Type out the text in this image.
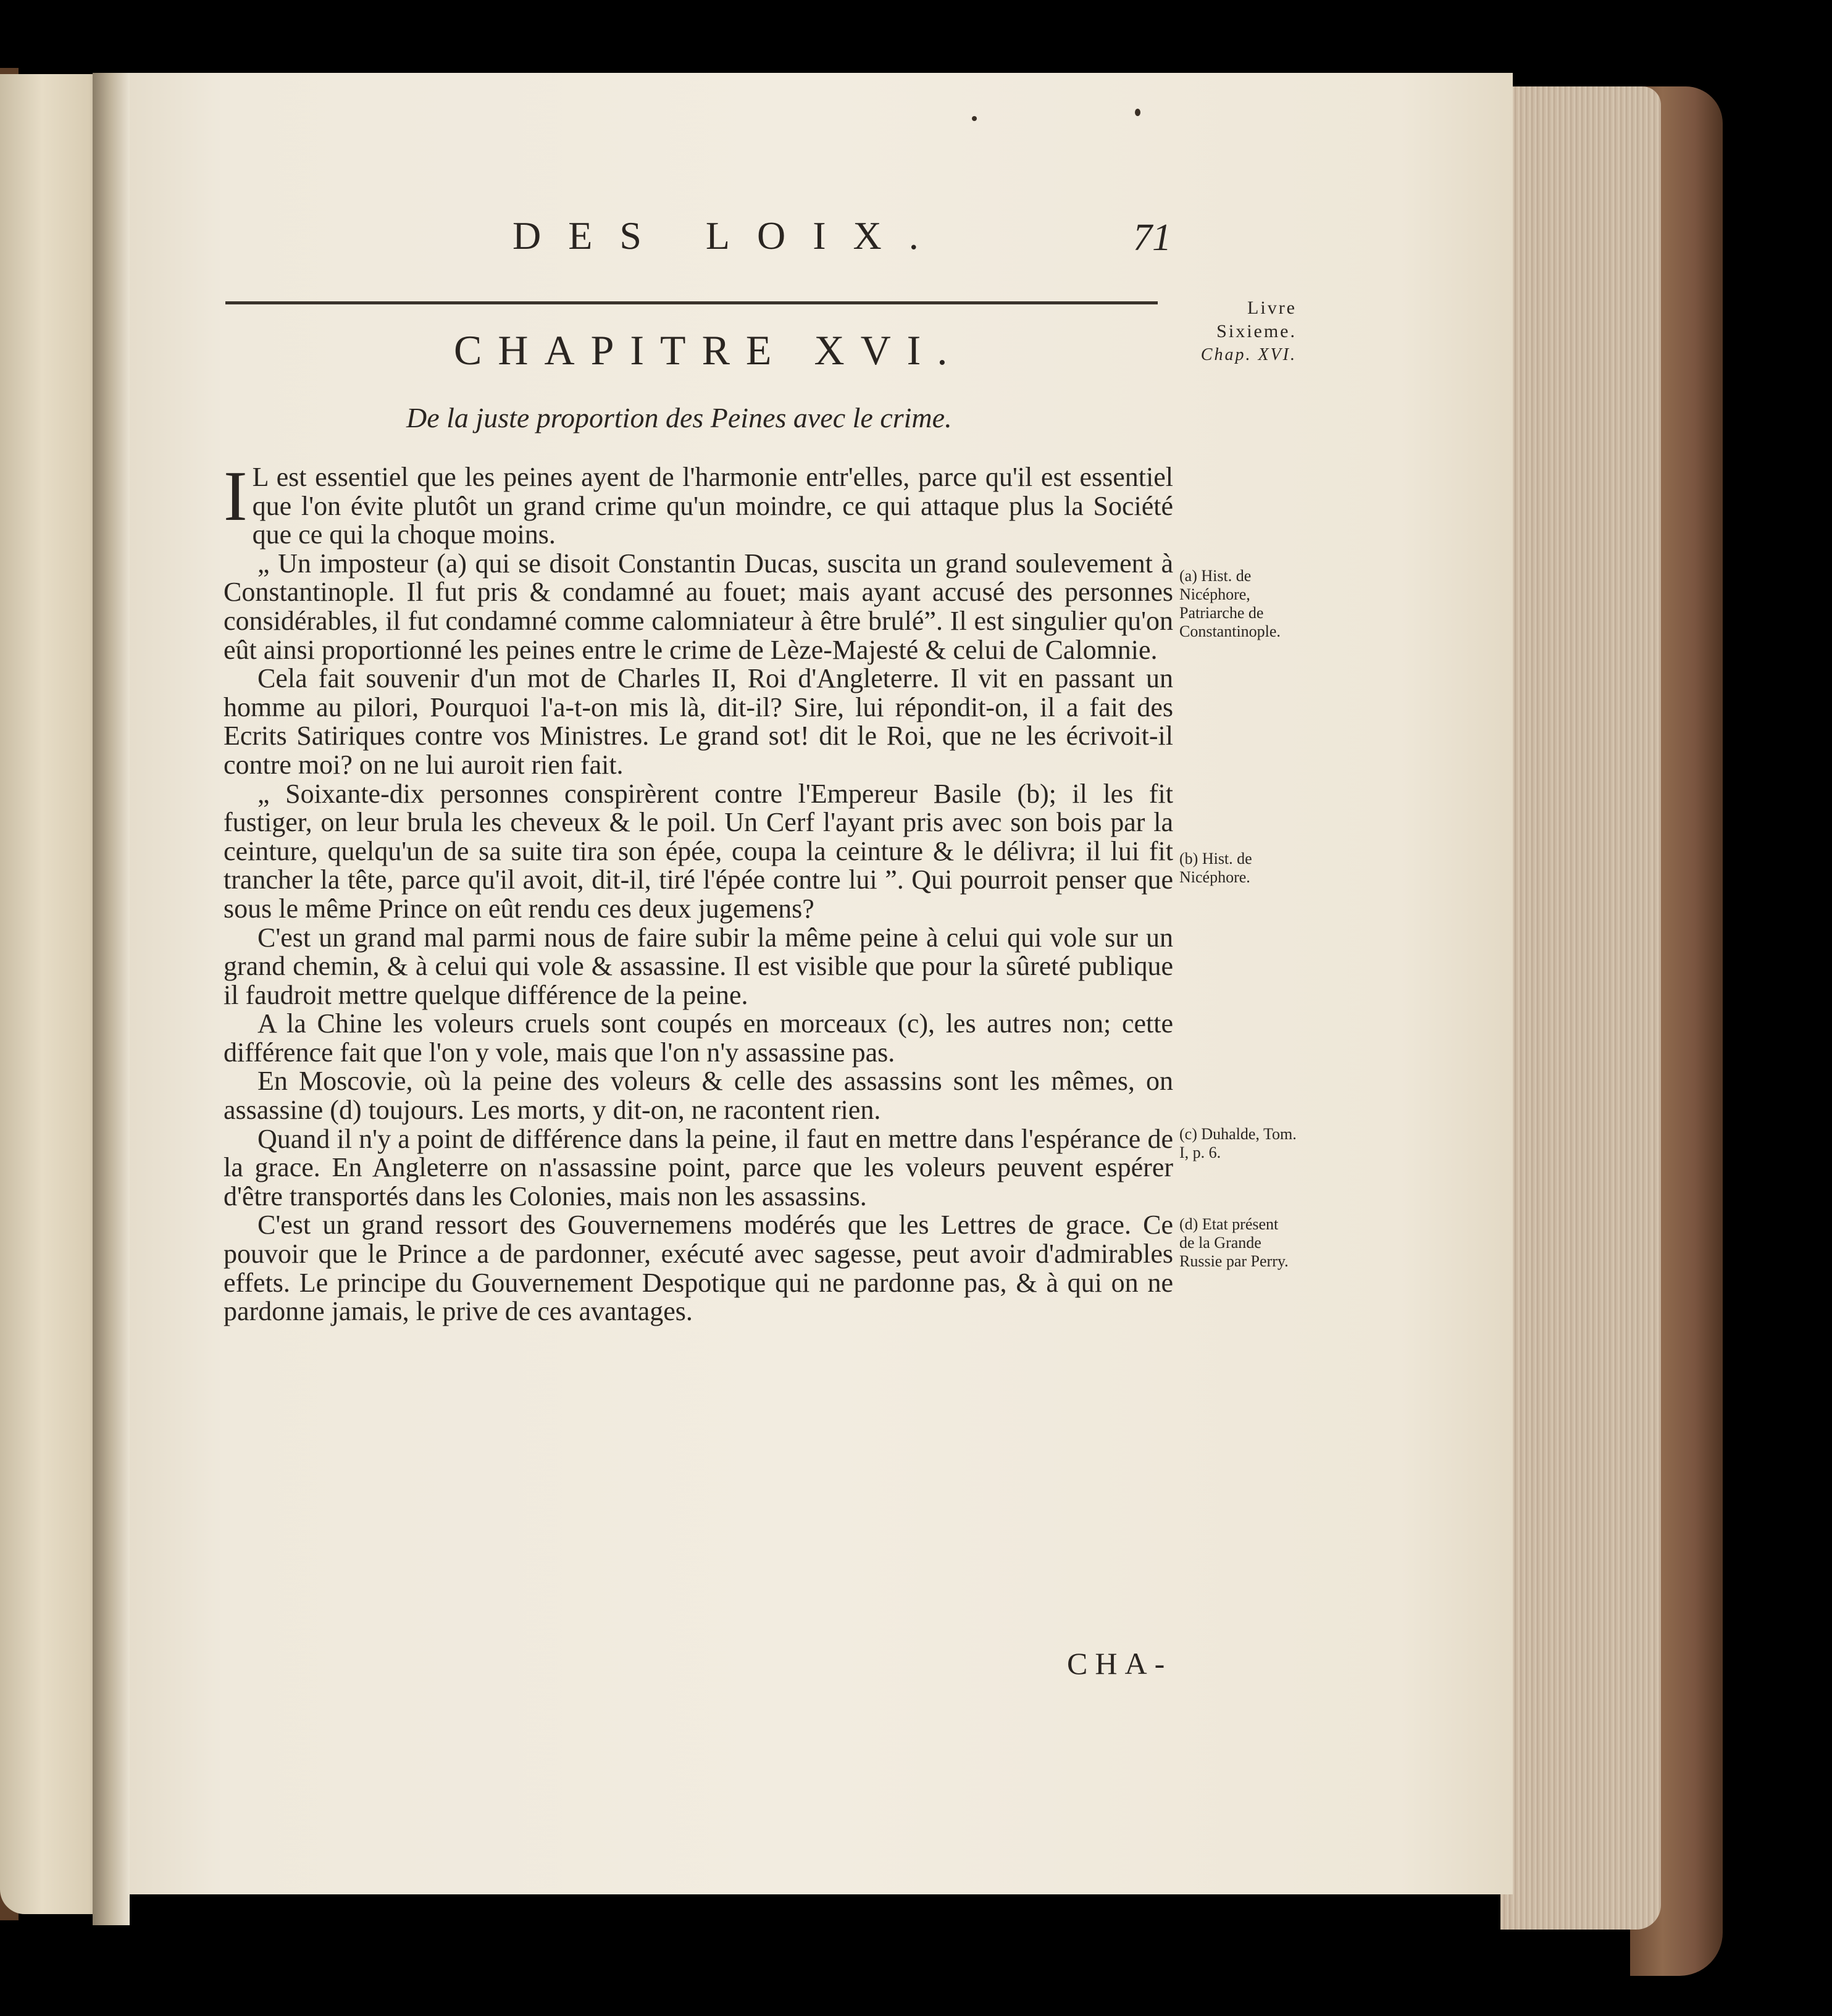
DES LOIX.	71
Livre
Sixieme.
Chap. XVI.
CHAPITRE XVI.
De la juste proportion des Peines avec le crime.

I L est essentiel que les peines ayent de l'harmonie entr'elles, parce qu'il est essentiel que l'on évite plutôt un grand crime qu'un moindre, ce qui attaque plus la Société que ce qui la choque moins.

„ Un imposteur (a) qui se disoit Constantin Ducas, suscita un grand soulevement à Constantinople. Il fut pris & condamné au fouet; mais ayant accusé des personnes considérables, il fut condamné comme calomniateur à être brulé”. Il est singulier qu'on eût ainsi proportionné les peines entre le crime de Lèze-Majesté & celui de Calomnie.

Cela fait souvenir d'un mot de Charles II, Roi d'Angleterre. Il vit en passant un homme au pilori, Pourquoi l'a-t-on mis là, dit-il? Sire, lui répondit-on, il a fait des Ecrits Satiriques contre vos Ministres. Le grand sot! dit le Roi, que ne les écrivoit-il contre moi? on ne lui auroit rien fait.

„ Soixante-dix personnes conspirèrent contre l'Empereur Basile (b); il les fit fustiger, on leur brula les cheveux & le poil. Un Cerf l'ayant pris avec son bois par la ceinture, quelqu'un de sa suite tira son épée, coupa la ceinture & le délivra; il lui fit trancher la tête, parce qu'il avoit, dit-il, tiré l'épée contre lui ”. Qui pourroit penser que sous le même Prince on eût rendu ces deux jugemens?

C'est un grand mal parmi nous de faire subir la même peine à celui qui vole sur un grand chemin, & à celui qui vole & assassine. Il est visible que pour la sûreté publique il faudroit mettre quelque différence de la peine.

A la Chine les voleurs cruels sont coupés en morceaux (c), les autres non; cette différence fait que l'on y vole, mais que l'on n'y assassine pas.

En Moscovie, où la peine des voleurs & celle des assassins sont les mêmes, on assassine (d) toujours. Les morts, y dit-on, ne racontent rien.

Quand il n'y a point de différence dans la peine, il faut en mettre dans l'espérance de la grace. En Angleterre on n'assassine point, parce que les voleurs peuvent espérer d'être transportés dans les Colonies, mais non les assassins.

C'est un grand ressort des Gouvernemens modérés que les Lettres de grace. Ce pouvoir que le Prince a de pardonner, exécuté avec sagesse, peut avoir d'admirables effets. Le principe du Gouvernement Despotique qui ne pardonne pas, & à qui on ne pardonne jamais, le prive de ces avantages.

(a) Hist. de Nicéphore, Patriarche de Constantinople.
(b) Hist. de Nicéphore.
(c) Duhalde, Tom. I, p. 6.
(d) Etat présent de la Grande Russie par Perry.
CHA-
